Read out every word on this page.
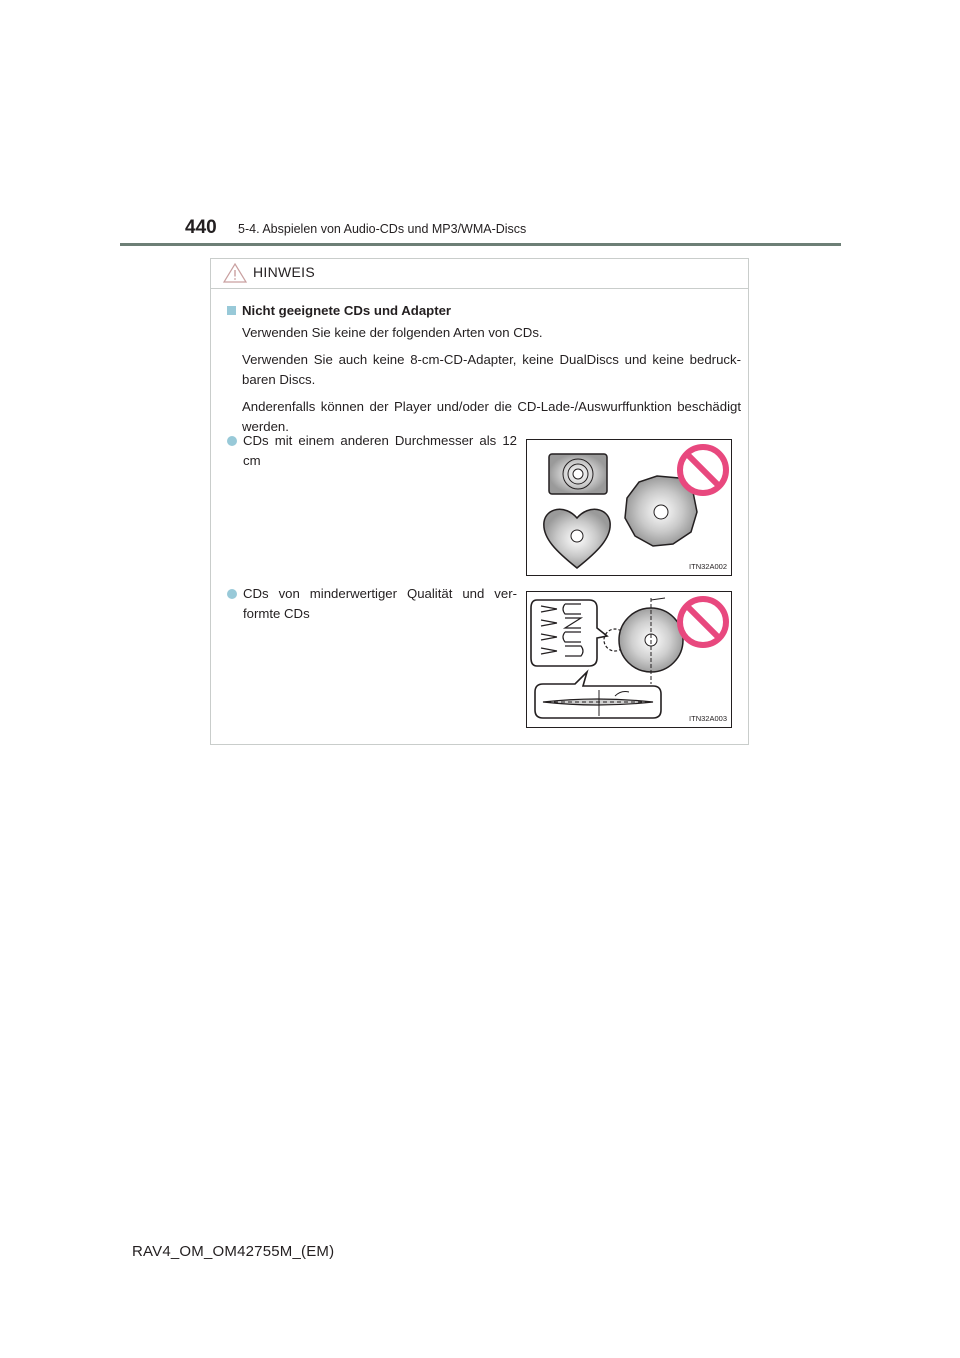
440 5-4. Abspielen von Audio-CDs und MP3/WMA-Discs
HINWEIS
Nicht geeignete CDs und Adapter
Verwenden Sie keine der folgenden Arten von CDs.
Verwenden Sie auch keine 8-cm-CD-Adapter, keine DualDiscs und keine bedruck-baren Discs.
Anderenfalls können der Player und/oder die CD-Lade-/Auswurffunktion beschädigt werden.
CDs mit einem anderen Durchmesser als 12 cm
ITN32A002
CDs von minderwertiger Qualität und ver-formte CDs
ITN32A003
RAV4_OM_OM42755M_(EM)
